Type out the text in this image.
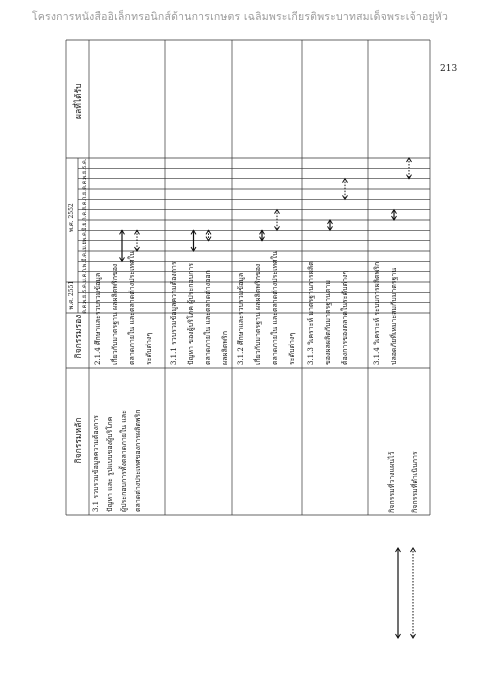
โครงการหนังสืออิเล็กทรอนิกส์ด้านการเกษตร เฉลิมพระเกียรติพระบาทสมเด็จพระเจ้าอยู่หัว
213
กิจกรรมหลัก
ผลที่ได้รับ
กิจกรรมรอง
พ.ศ. 2551
พ.ศ. 2552
ต.ค.
พ.ย.
ธ.ค.
ม.ค.
ก.พ.
มี.ค.
เม.ย.
พ.ค.
มิ.ย.
ก.ค.
ส.ค.
ก.ย.
ต.ค.
พ.ย.
ธ.ค.
3.1 รวบรวมข้อมูลความต้องการ ปัญหา และ รูปแบบของผู้บริโภค ผู้ประกอบการทั้งตลาดภายใน และ ตลาดต่างประเทศของการผลิตพริก
2.1.4 ศึกษาและรวบรวมข้อมูล เกี่ยวกับมาตรฐาน ผลผลิตพริกของ ตลาดภายใน และตลาดต่างประเทศใน ระดับต่างๆ 3.1.1 รวบรวมข้อมูลความต้องการ ปัญหา ของผู้บริโภค ผู้ประกอบการ ตลาดภายใน และตลาดต่างออก ผลผลิตพริก 3.1.2 ศึกษาและรวบรวมข้อมูล เกี่ยวกับมาตรฐาน ผลผลิตพริกของ ตลาดภายใน และตลาดต่างประเทศใน ระดับต่างๆ 3.1.3 วิเคราะห์ มาตรฐานการผลิต ของผลผลิตกับมาตรฐานตาม ต้องการของตลาดในระดับต่างๆ	3.1.4 วิเคราะห์ ระบบการผลิตพริก ปลอดภัยที่เหมาะสมกับมาตรฐาน
กิจกรรมที่วางแผนไว้ กิจกรรมที่ดำเนินการ
